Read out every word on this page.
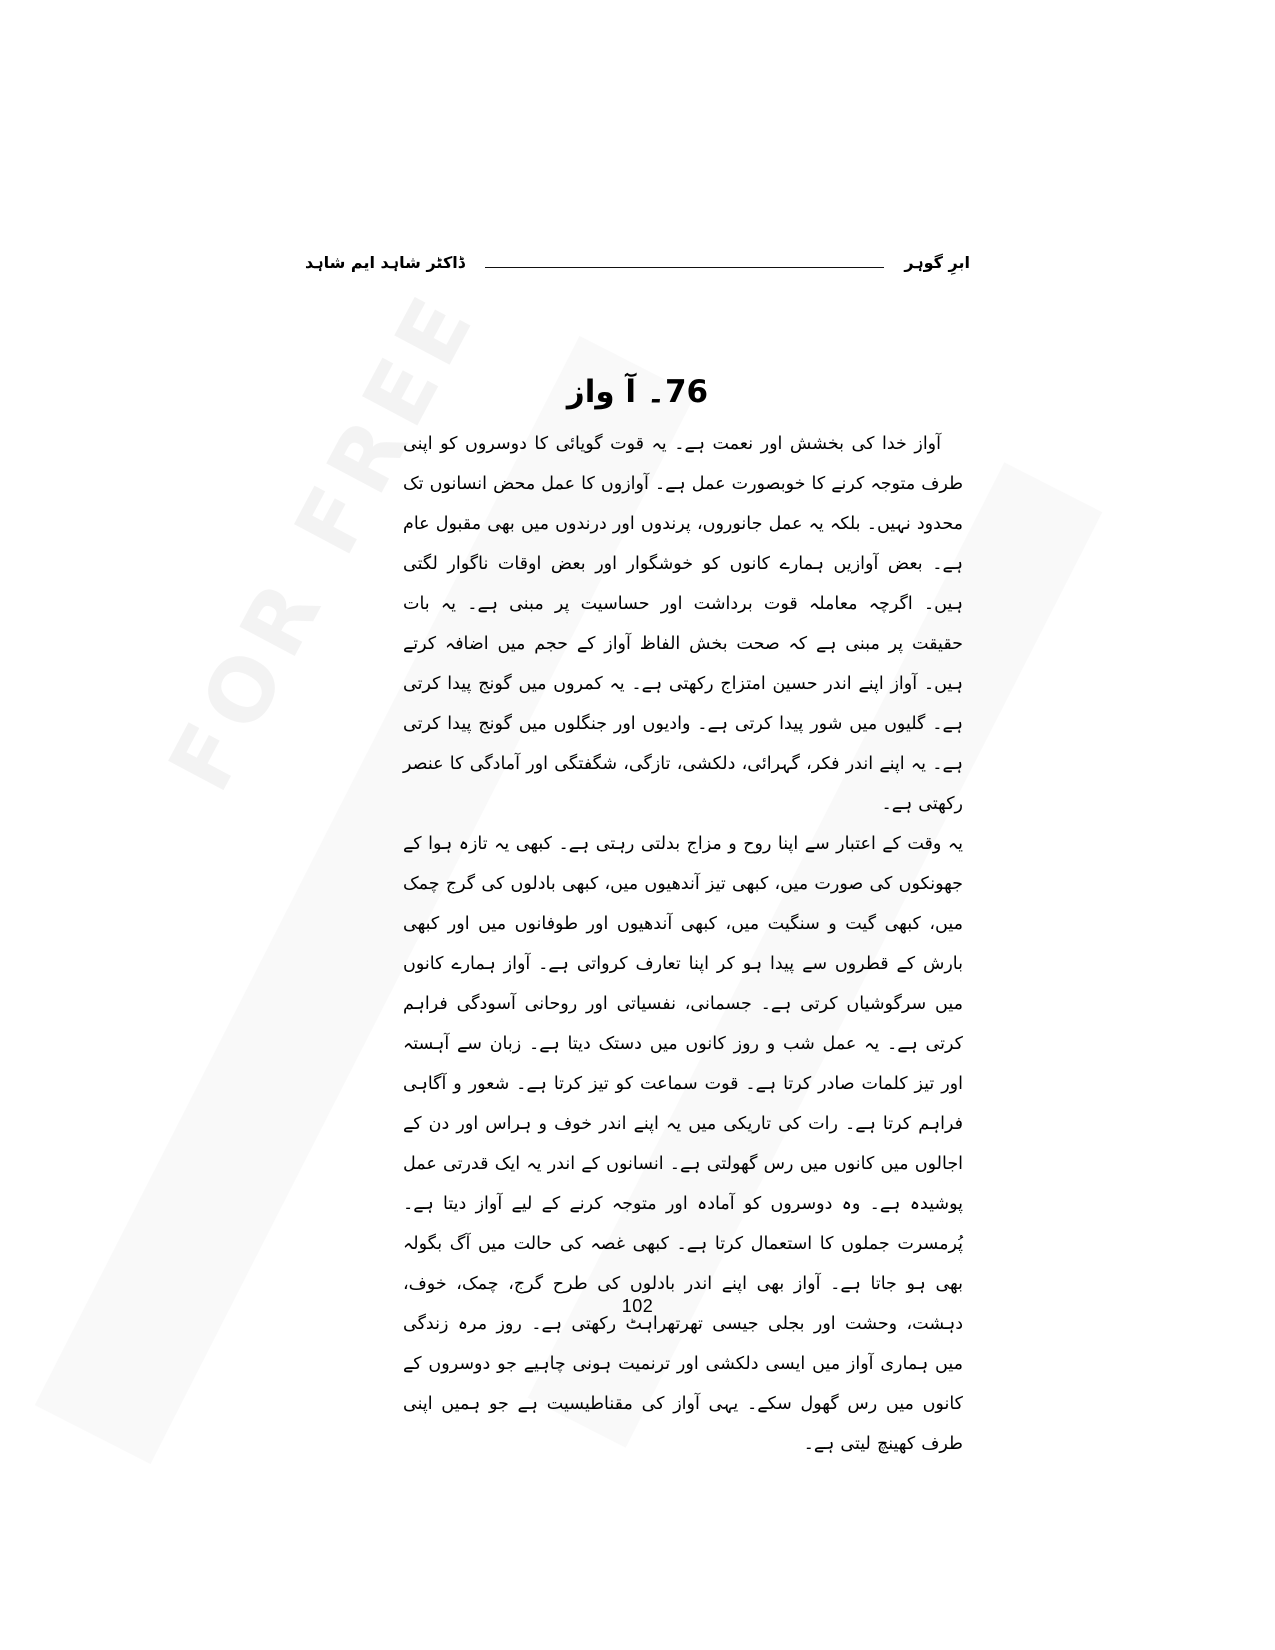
ابرِ گوہر
ڈاکٹر شاہد ایم شاہد
76۔ آ واز

آواز خدا کی بخشش اور نعمت ہے۔ یہ قوت گویائی کا دوسروں کو اپنی طرف متوجہ کرنے کا خوبصورت عمل ہے۔ آوازوں کا عمل محض انسانوں تک محدود نہیں۔ بلکہ یہ عمل جانوروں، پرندوں اور درندوں میں بھی مقبول عام ہے۔ بعض آوازیں ہمارے کانوں کو خوشگوار اور بعض اوقات ناگوار لگتی ہیں۔ اگرچہ معاملہ قوت برداشت اور حساسیت پر مبنی ہے۔ یہ بات حقیقت پر مبنی ہے کہ صحت بخش الفاظ آواز کے حجم میں اضافہ کرتے ہیں۔ آواز اپنے اندر حسین امتزاج رکھتی ہے۔ یہ کمروں میں گونج پیدا کرتی ہے۔ گلیوں میں شور پیدا کرتی ہے۔ وادیوں اور جنگلوں میں گونج پیدا کرتی ہے۔ یہ اپنے اندر فکر، گہرائی، دلکشی، تازگی، شگفتگی اور آمادگی کا عنصر رکھتی ہے۔

یہ وقت کے اعتبار سے اپنا روح و مزاج بدلتی رہتی ہے۔ کبھی یہ تازہ ہوا کے جھونکوں کی صورت میں، کبھی تیز آندھیوں میں، کبھی بادلوں کی گرج چمک میں، کبھی گیت و سنگیت میں، کبھی آندھیوں اور طوفانوں میں اور کبھی بارش کے قطروں سے پیدا ہو کر اپنا تعارف کرواتی ہے۔ آواز ہمارے کانوں میں سرگوشیاں کرتی ہے۔ جسمانی، نفسیاتی اور روحانی آسودگی فراہم کرتی ہے۔ یہ عمل شب و روز کانوں میں دستک دیتا ہے۔ زبان سے آہستہ اور تیز کلمات صادر کرتا ہے۔ قوت سماعت کو تیز کرتا ہے۔ شعور و آگاہی فراہم کرتا ہے۔ رات کی تاریکی میں یہ اپنے اندر خوف و ہراس اور دن کے اجالوں میں کانوں میں رس گھولتی ہے۔ انسانوں کے اندر یہ ایک قدرتی عمل پوشیدہ ہے۔ وہ دوسروں کو آمادہ اور متوجہ کرنے کے لیے آواز دیتا ہے۔ پُرمسرت جملوں کا استعمال کرتا ہے۔ کبھی غصہ کی حالت میں آگ بگولہ بھی ہو جاتا ہے۔ آواز بھی اپنے اندر بادلوں کی طرح گرج، چمک، خوف، دہشت، وحشت اور بجلی جیسی تھرتھراہٹ رکھتی ہے۔ روز مرہ زندگی میں ہماری آواز میں ایسی دلکشی اور ترنمیت ہونی چاہیے جو دوسروں کے کانوں میں رس گھول سکے۔ یہی آواز کی مقناطیسیت ہے جو ہمیں اپنی طرف کھینچ لیتی ہے۔

102
